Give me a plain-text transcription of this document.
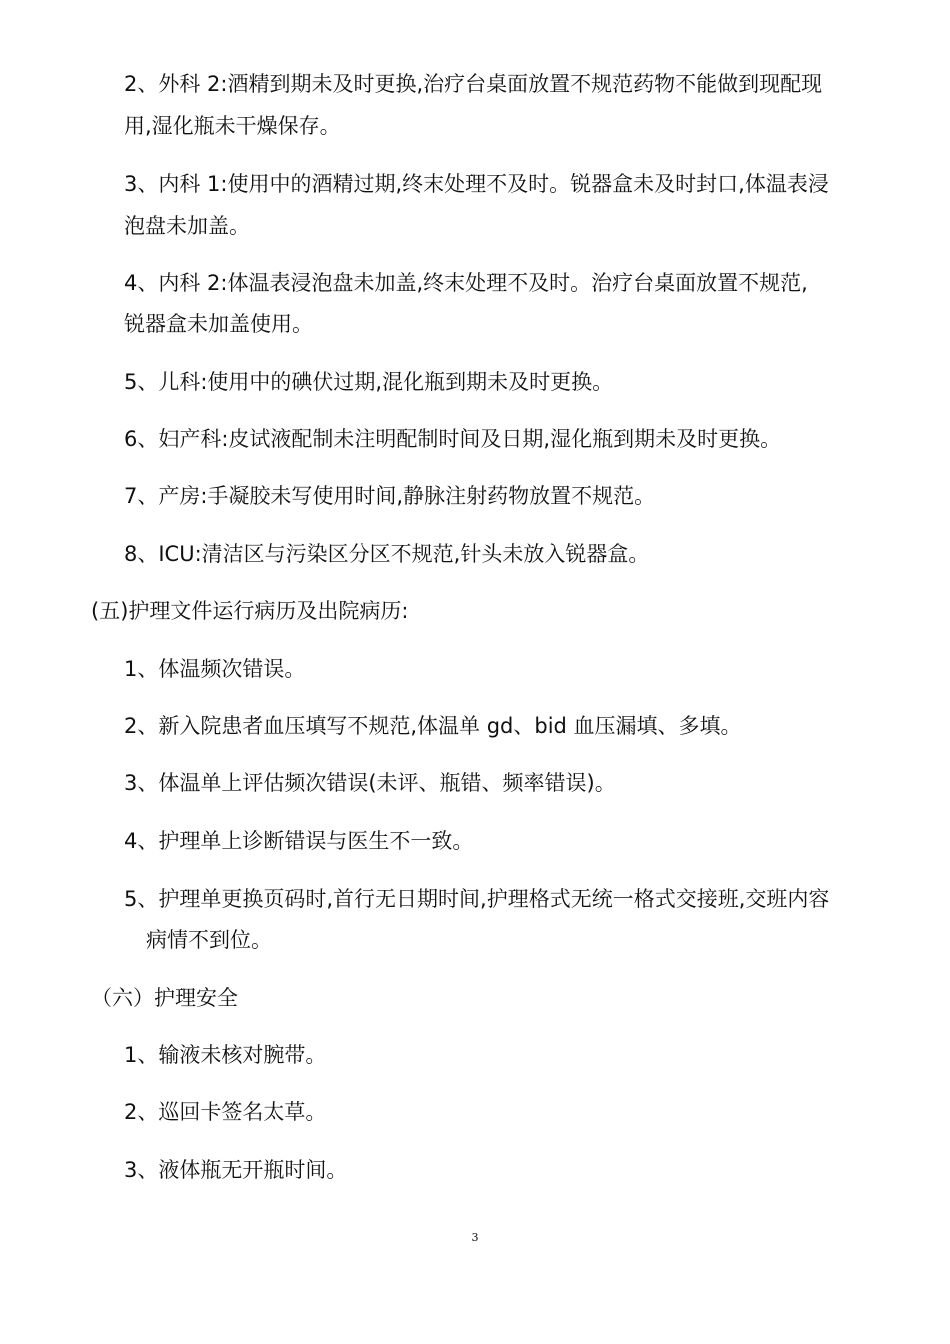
2、外科 2:酒精到期未及时更换,治疗台桌面放置不规范药物不能做到现配现
用,湿化瓶未干燥保存。
3、内科 1:使用中的酒精过期,终末处理不及时。锐器盒未及时封口,体温表浸
泡盘未加盖。
4、内科 2:体温表浸泡盘未加盖,终末处理不及时。治疗台桌面放置不规范,
锐器盒未加盖使用。
5、儿科:使用中的碘伏过期,混化瓶到期未及时更换。
6、妇产科:皮试液配制未注明配制时间及日期,湿化瓶到期未及时更换。
7、产房:手凝胶未写使用时间,静脉注射药物放置不规范。
8、ICU:清洁区与污染区分区不规范,针头未放入锐器盒。
(五)护理文件运行病历及出院病历:
1、体温频次错误。
2、新入院患者血压填写不规范,体温单 gd、bid 血压漏填、多填。
3、体温单上评估频次错误(未评、瓶错、频率错误)。
4、护理单上诊断错误与医生不一致。
5、护理单更换页码时,首行无日期时间,护理格式无统一格式交接班,交班内容
病情不到位。
（六）护理安全
1、输液未核对腕带。
2、巡回卡签名太草。
3、液体瓶无开瓶时间。
3
